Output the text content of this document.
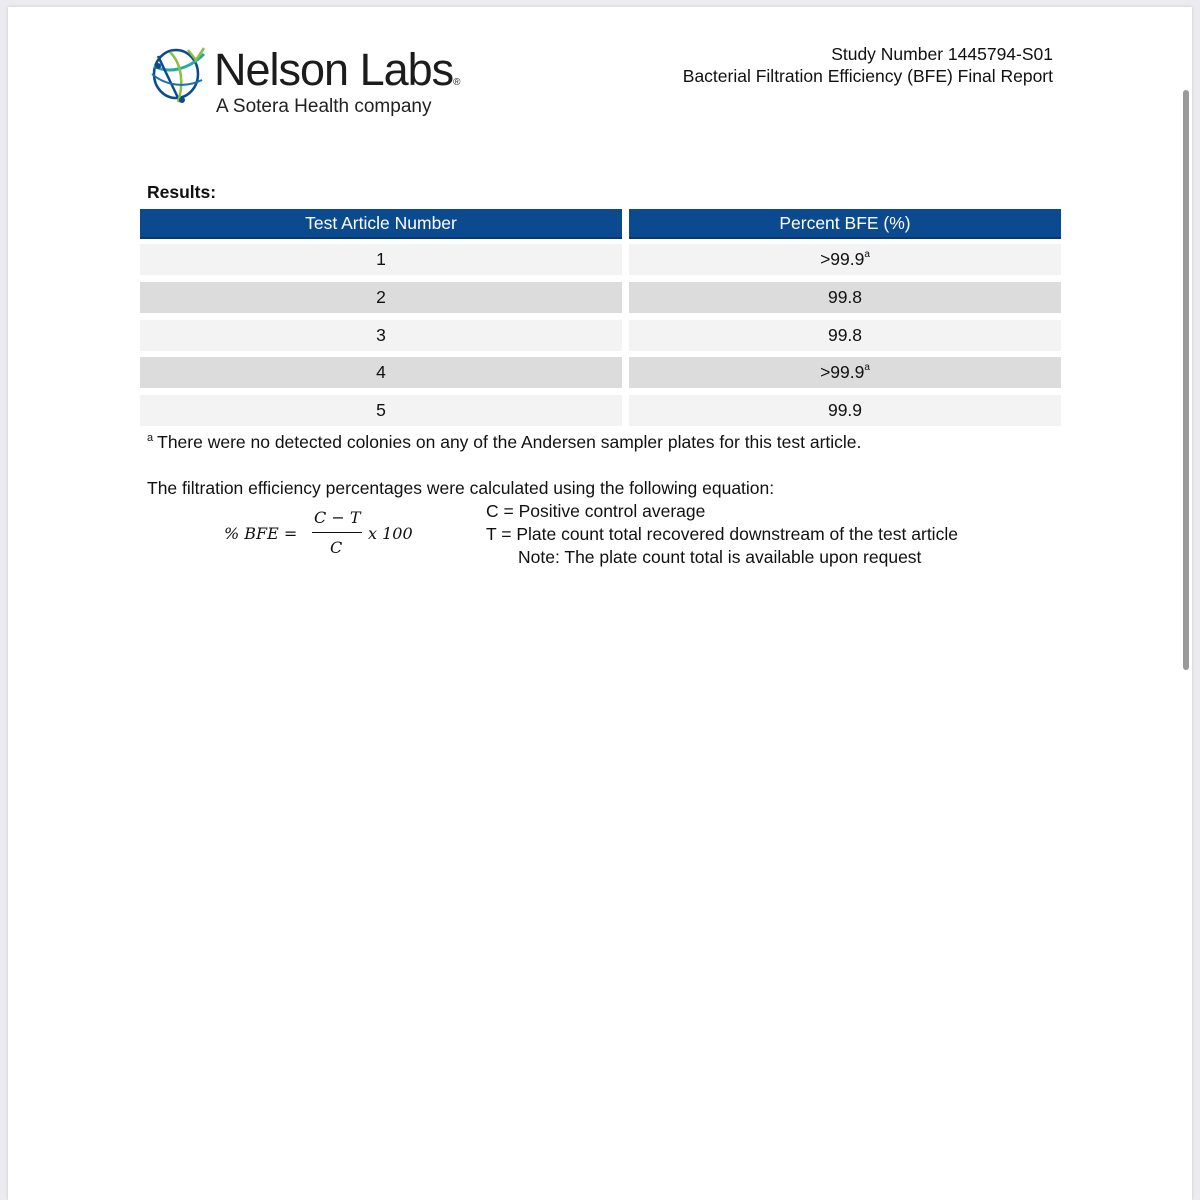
Nelson Labs®
A Sotera Health company
Study Number 1445794-S01
Bacterial Filtration Efficiency (BFE) Final Report
Results:
Test Article Number	Percent BFE (%)
1	>99.9$^a$
2	99.8
3	99.8
4	>99.9$^a$
5	99.9
$^a$ There were no detected colonies on any of the Andersen sampler plates for this test article.
The filtration efficiency percentages were calculated using the following equation:
% BFE =
C − T
C
x 100
C = Positive control average
T = Plate count total recovered downstream of the test article
Note: The plate count total is available upon request
